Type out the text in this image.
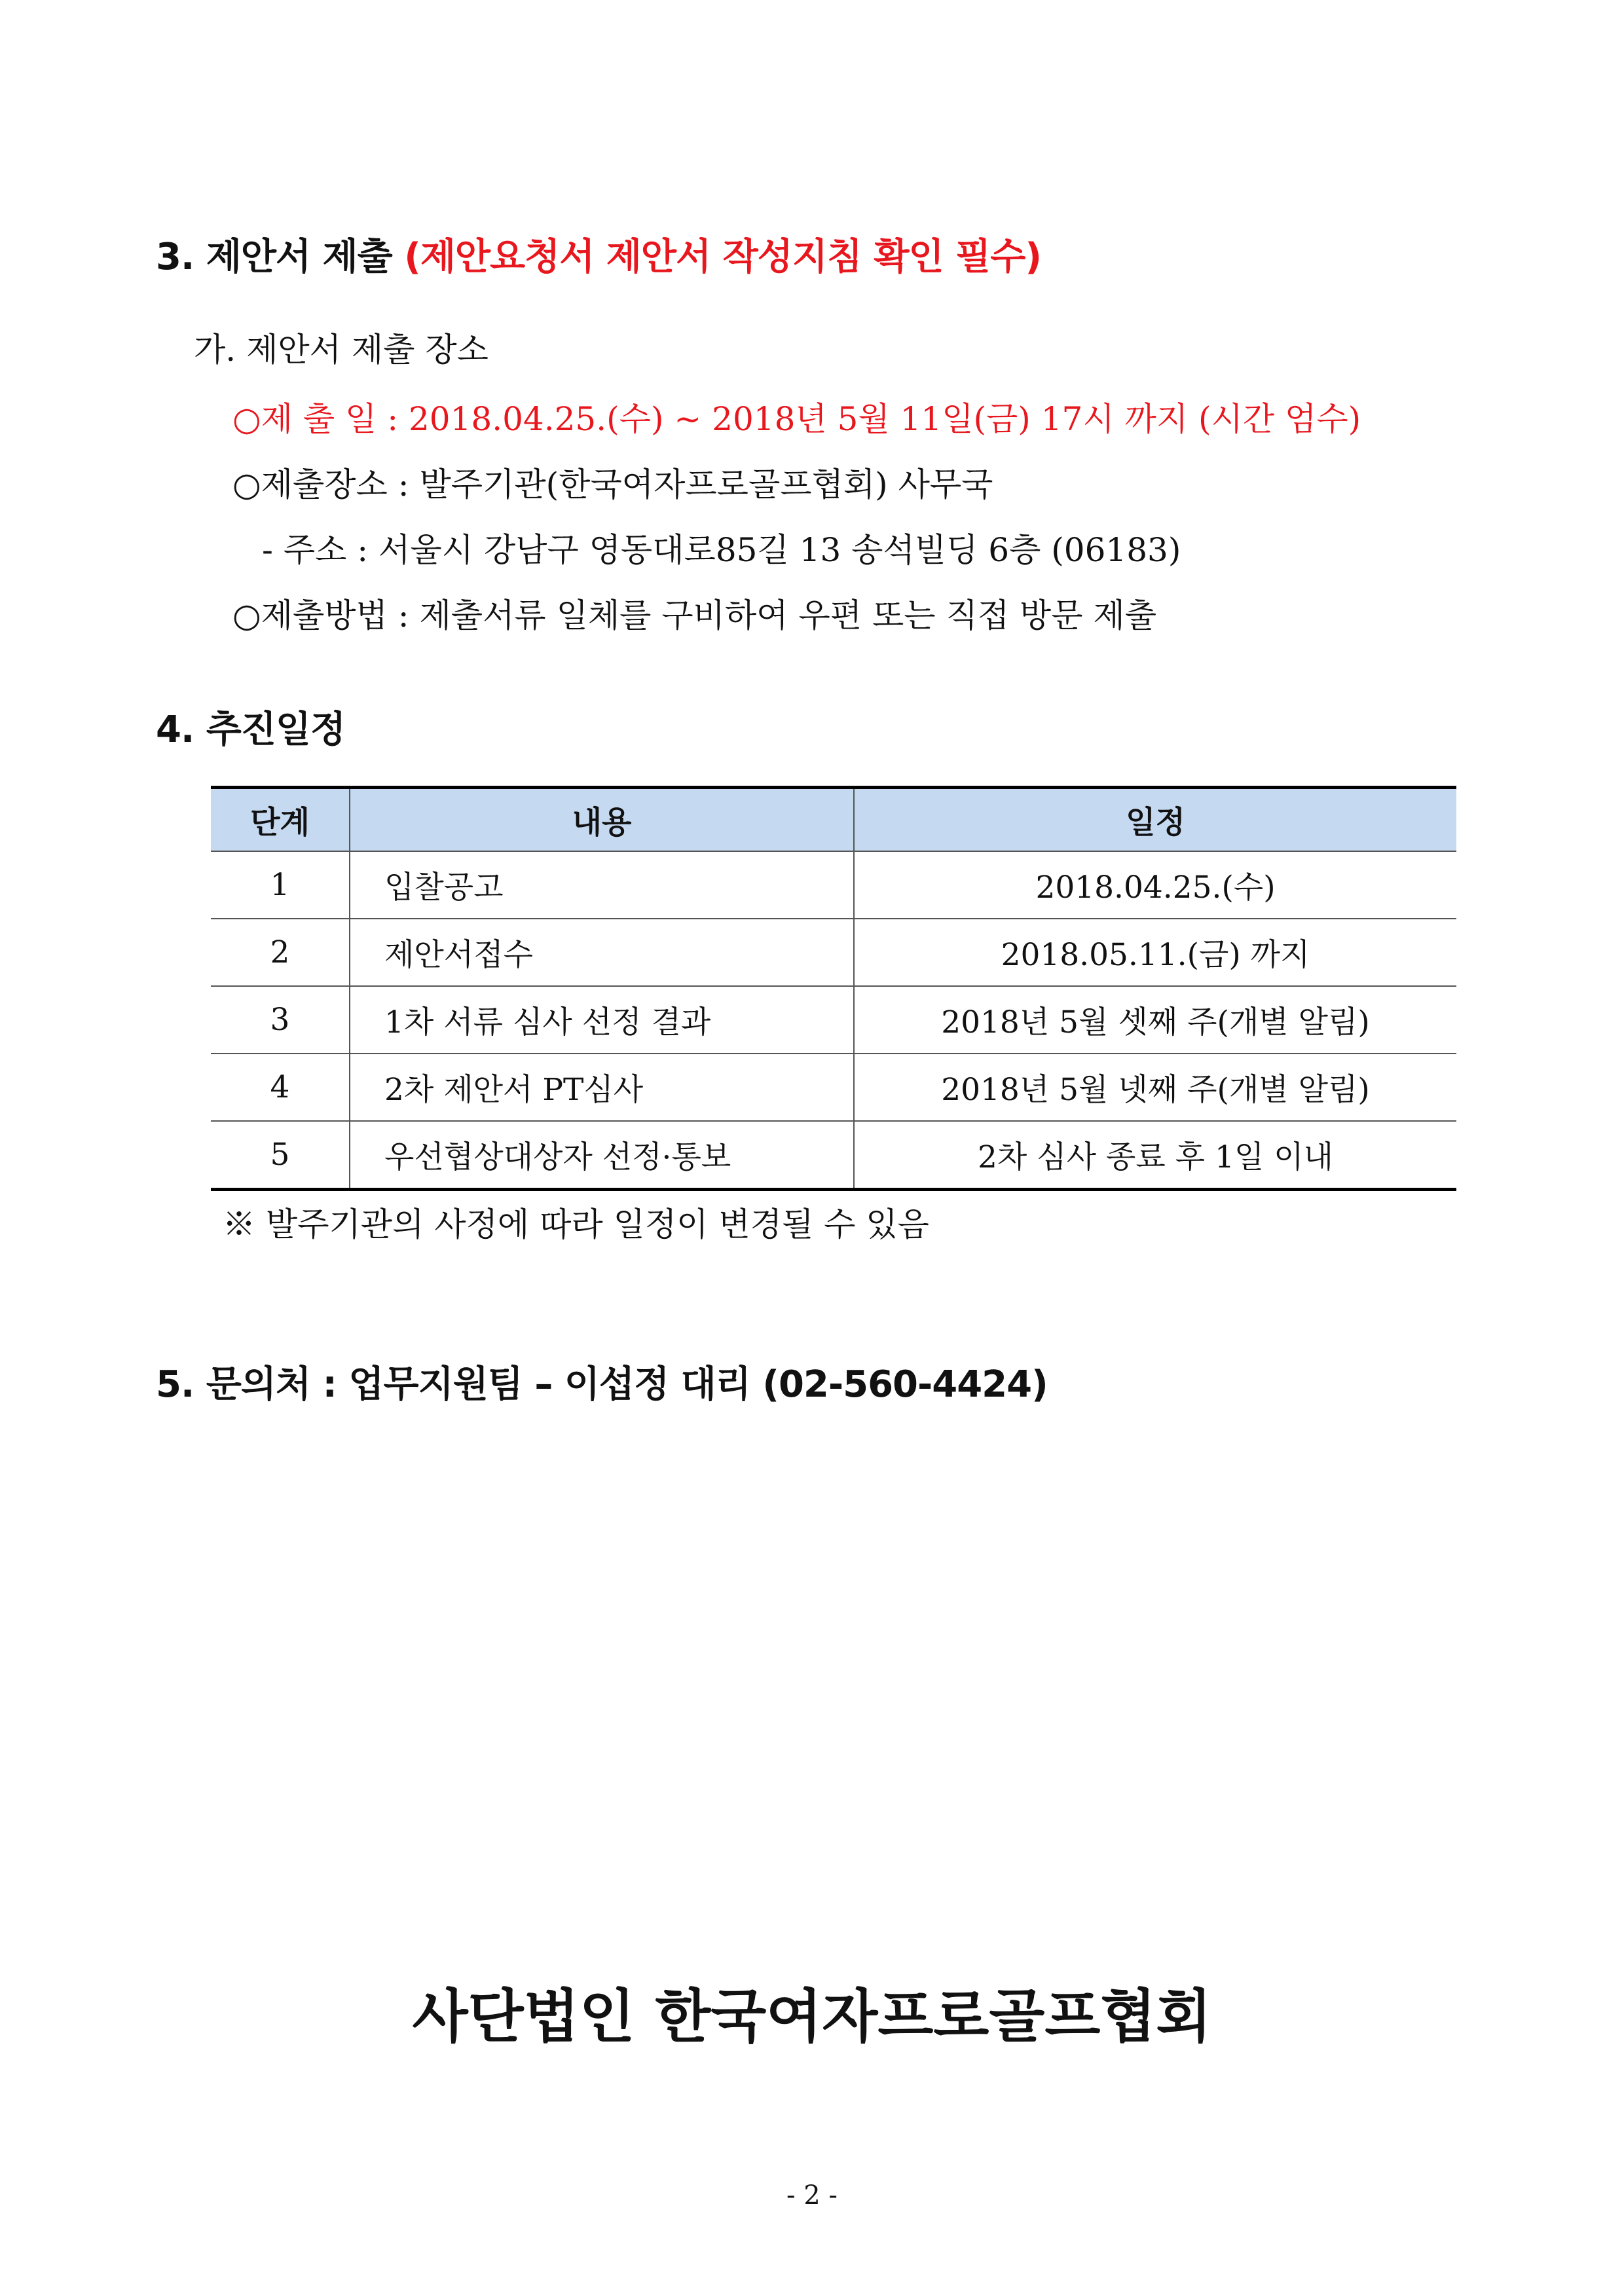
3. 제안서 제출 (제안요청서 제안서 작성지침 확인 필수)
가. 제안서 제출 장소
○제 출 일 : 2018.04.25.(수) ~ 2018년 5월 11일(금) 17시 까지 (시간 엄수)
○제출장소 : 발주기관(한국여자프로골프협회) 사무국
- 주소 : 서울시 강남구 영동대로85길 13 송석빌딩 6층 (06183)
○제출방법 : 제출서류 일체를 구비하여 우편 또는 직접 방문 제출
4. 추진일정
단계	내용	일정
1	입찰공고	2018.04.25.(수)
2	제안서접수	2018.05.11.(금) 까지
3	1차 서류 심사 선정 결과	2018년 5월 셋째 주(개별 알림)
4	2차 제안서 PT심사	2018년 5월 넷째 주(개별 알림)
5	우선협상대상자 선정·통보	2차 심사 종료 후 1일 이내
※ 발주기관의 사정에 따라 일정이 변경될 수 있음
5. 문의처 : 업무지원팀 – 이섭정 대리 (02-560-4424)
사단법인 한국여자프로골프협회
- 2 -
